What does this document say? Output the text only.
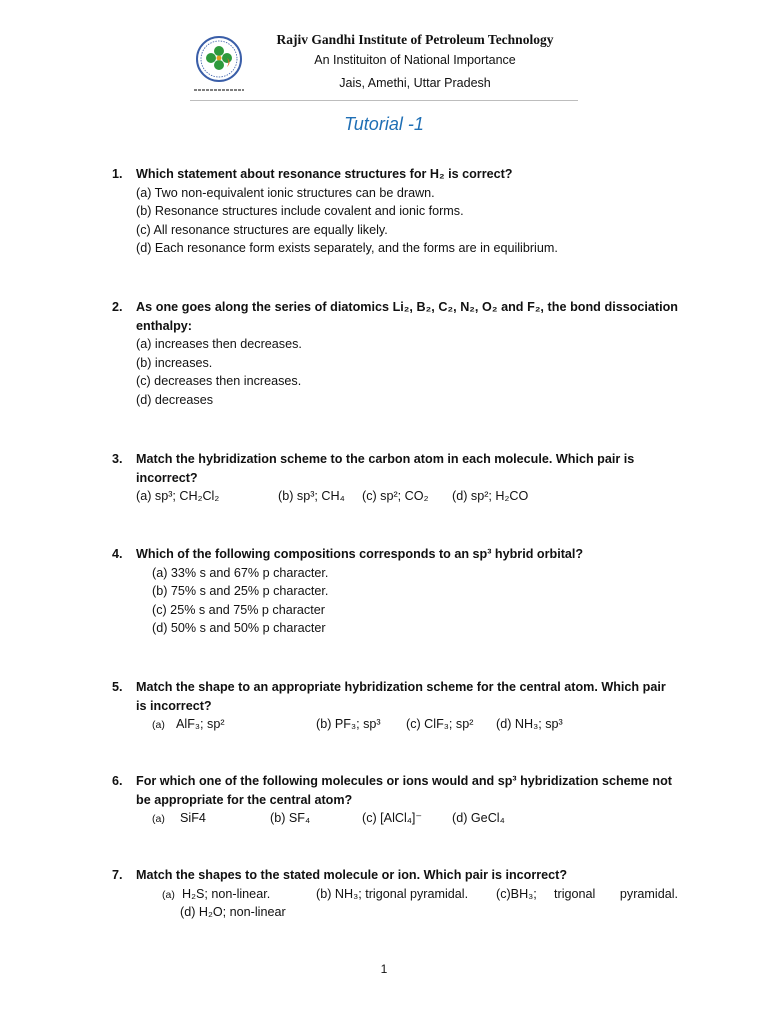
Rajiv Gandhi Institute of Petroleum Technology
An Instituiton of National Importance
Jais, Amethi, Uttar Pradesh
Tutorial -1
1. Which statement about resonance structures for H₂ is correct?
(a) Two non-equivalent ionic structures can be drawn.
(b) Resonance structures include covalent and ionic forms.
(c) All resonance structures are equally likely.
(d) Each resonance form exists separately, and the forms are in equilibrium.
2. As one goes along the series of diatomics Li₂, B₂, C₂, N₂, O₂ and F₂, the bond dissociation enthalpy:
(a) increases then decreases.
(b) increases.
(c) decreases then increases.
(d) decreases
3. Match the hybridization scheme to the carbon atom in each molecule. Which pair is incorrect?
(a) sp³; CH₂Cl₂	(b) sp³; CH₄ (c) sp²; CO₂ (d) sp²; H₂CO
4. Which of the following compositions corresponds to an sp³ hybrid orbital?
(a) 33% s and 67% p character.
(b) 75% s and 25% p character.
(c) 25% s and 75% p character
(d) 50% s and 50% p character
5. Match the shape to an appropriate hybridization scheme for the central atom. Which pair is incorrect?
(a) AlF₃; sp²	(b) PF₃; sp³ (c) ClF₃; sp² (d) NH₃; sp³
6. For which one of the following molecules or ions would and sp³ hybridization scheme not be appropriate for the central atom?
(a) SiF4	(b) SF₄	(c) [AlCl₄]⁻ (d) GeCl₄
7. Match the shapes to the stated molecule or ion. Which pair is incorrect?
(a) H₂S; non-linear.	(b) NH₃; trigonal pyramidal. (c)BH₃; trigonal pyramidal.
(d) H₂O; non-linear
1
